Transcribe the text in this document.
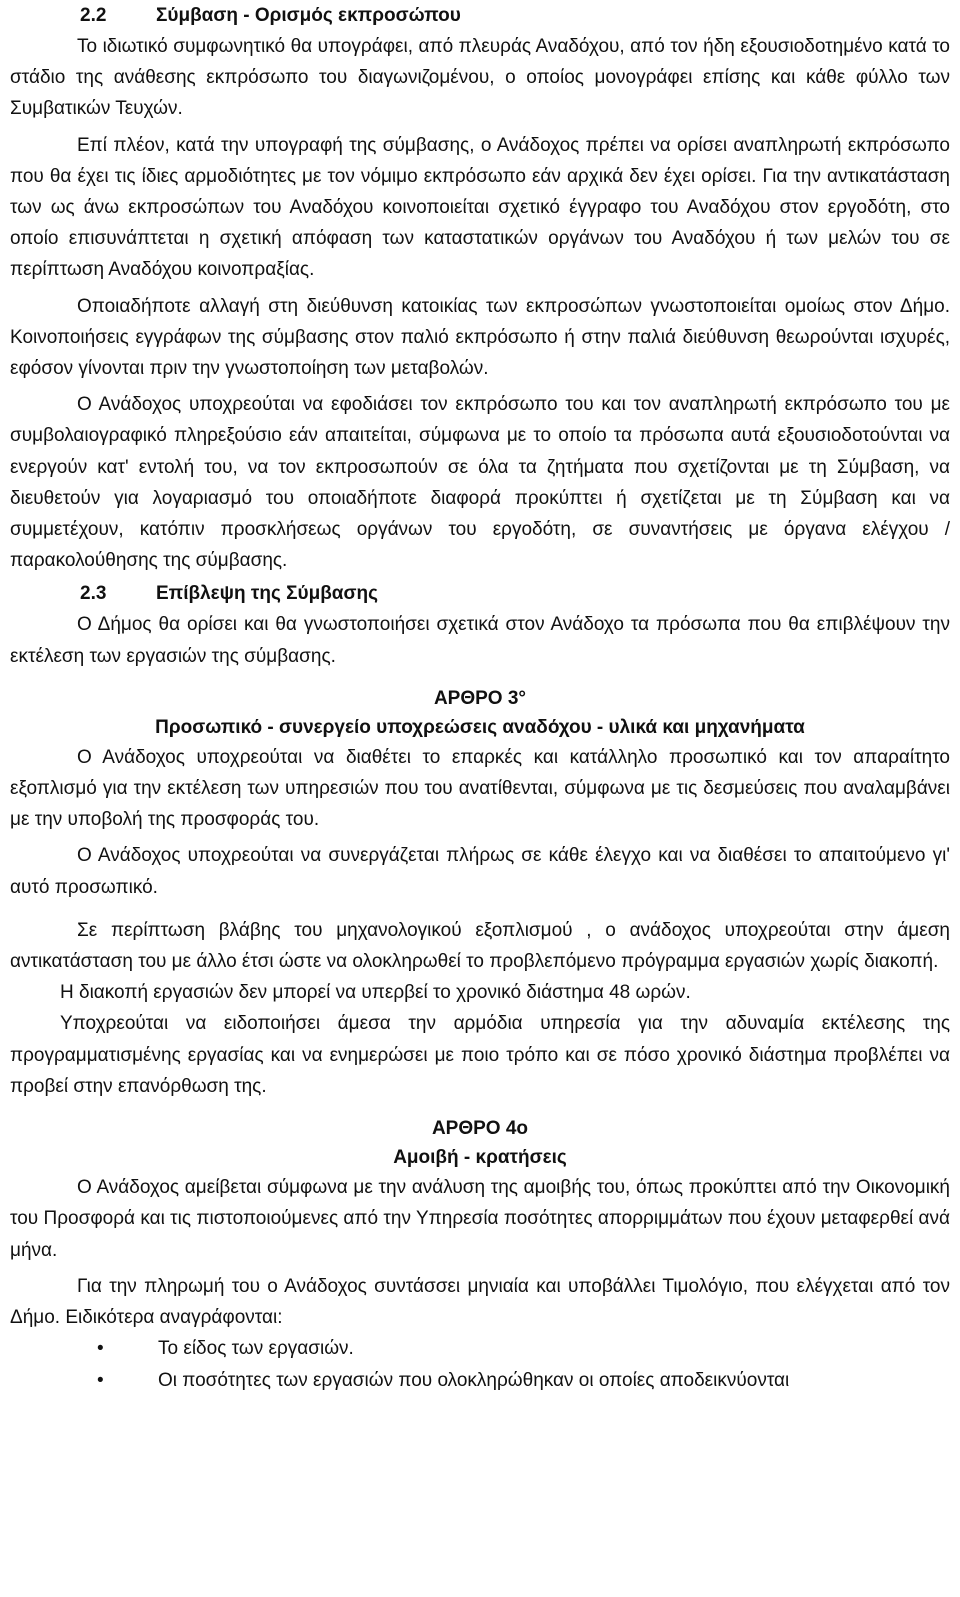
2.2	Σύμβαση - Ορισμός εκπροσώπου

Το ιδιωτικό συμφωνητικό θα υπογράφει, από πλευράς Αναδόχου, από τον ήδη εξουσιοδοτημένο κατά το στάδιο της ανάθεσης εκπρόσωπο του διαγωνιζομένου, ο οποίος μονογράφει επίσης και κάθε φύλλο των Συμβατικών Τευχών.

Επί πλέον, κατά την υπογραφή της σύμβασης, ο Ανάδοχος πρέπει να ορίσει αναπληρωτή εκπρόσωπο που θα έχει τις ίδιες αρμοδιότητες με τον νόμιμο εκπρόσωπο εάν αρχικά δεν έχει ορίσει. Για την αντικατάσταση των ως άνω εκπροσώπων του Αναδόχου κοινοποιείται σχετικό έγγραφο του Αναδόχου στον εργοδότη, στο οποίο επισυνάπτεται η σχετική απόφαση των καταστατικών οργάνων του Αναδόχου ή των μελών του σε περίπτωση Αναδόχου κοινοπραξίας.

Οποιαδήποτε αλλαγή στη διεύθυνση κατοικίας των εκπροσώπων γνωστοποιείται ομοίως στον Δήμο. Κοινοποιήσεις εγγράφων της σύμβασης στον παλιό εκπρόσωπο ή στην παλιά διεύθυνση θεωρούνται ισχυρές, εφόσον γίνονται πριν την γνωστοποίηση των μεταβολών.

Ο Ανάδοχος υποχρεούται να εφοδιάσει τον εκπρόσωπο του και τον αναπληρωτή εκπρόσωπο του με συμβολαιογραφικό πληρεξούσιο εάν απαιτείται, σύμφωνα με το οποίο τα πρόσωπα αυτά εξουσιοδοτούνται να ενεργούν κατ' εντολή του, να τον εκπροσωπούν σε όλα τα ζητήματα που σχετίζονται με τη Σύμβαση, να διευθετούν για λογαριασμό του οποιαδήποτε διαφορά προκύπτει ή σχετίζεται με τη Σύμβαση και να συμμετέχουν, κατόπιν προσκλήσεως οργάνων του εργοδότη, σε συναντήσεις με όργανα ελέγχου / παρακολούθησης της σύμβασης.

2.3	Επίβλεψη της Σύμβασης

Ο Δήμος θα ορίσει και θα γνωστοποιήσει σχετικά στον Ανάδοχο τα πρόσωπα που θα επιβλέψουν την εκτέλεση των εργασιών της σύμβασης.

ΑΡΘΡΟ 3°

Προσωπικό - συνεργείο υποχρεώσεις αναδόχου - υλικά και μηχανήματα

Ο Ανάδοχος υποχρεούται να διαθέτει το επαρκές και κατάλληλο προσωπικό και τον απαραίτητο εξοπλισμό για την εκτέλεση των υπηρεσιών που του ανατίθενται, σύμφωνα με τις δεσμεύσεις που αναλαμβάνει με την υποβολή της προσφοράς του.

Ο Ανάδοχος υποχρεούται να συνεργάζεται πλήρως σε κάθε έλεγχο και να διαθέσει το απαιτούμενο γι' αυτό προσωπικό.

Σε περίπτωση βλάβης του μηχανολογικού εξοπλισμού , ο ανάδοχος υποχρεούται στην άμεση αντικατάσταση του με άλλο έτσι ώστε να ολοκληρωθεί το προβλεπόμενο πρόγραμμα εργασιών χωρίς διακοπή.

Η διακοπή εργασιών δεν μπορεί να υπερβεί το χρονικό διάστημα 48 ωρών.

Υποχρεούται να ειδοποιήσει άμεσα την αρμόδια υπηρεσία για την αδυναμία εκτέλεσης της προγραμματισμένης εργασίας και να ενημερώσει με ποιο τρόπο και σε πόσο χρονικό διάστημα προβλέπει να προβεί στην επανόρθωση της.

ΑΡΘΡΟ 4ο

Αμοιβή - κρατήσεις

Ο Ανάδοχος αμείβεται σύμφωνα με την ανάλυση της αμοιβής του, όπως προκύπτει από την Οικονομική του Προσφορά και τις πιστοποιούμενες από την Υπηρεσία ποσότητες απορριμμάτων που έχουν μεταφερθεί ανά μήνα.

Για την πληρωμή του ο Ανάδοχος συντάσσει μηνιαία και υποβάλλει Τιμολόγιο, που ελέγχεται από τον Δήμο. Ειδικότερα αναγράφονται:

•	Το είδος των εργασιών.
•	Οι ποσότητες των εργασιών που ολοκληρώθηκαν οι οποίες αποδεικνύονται
